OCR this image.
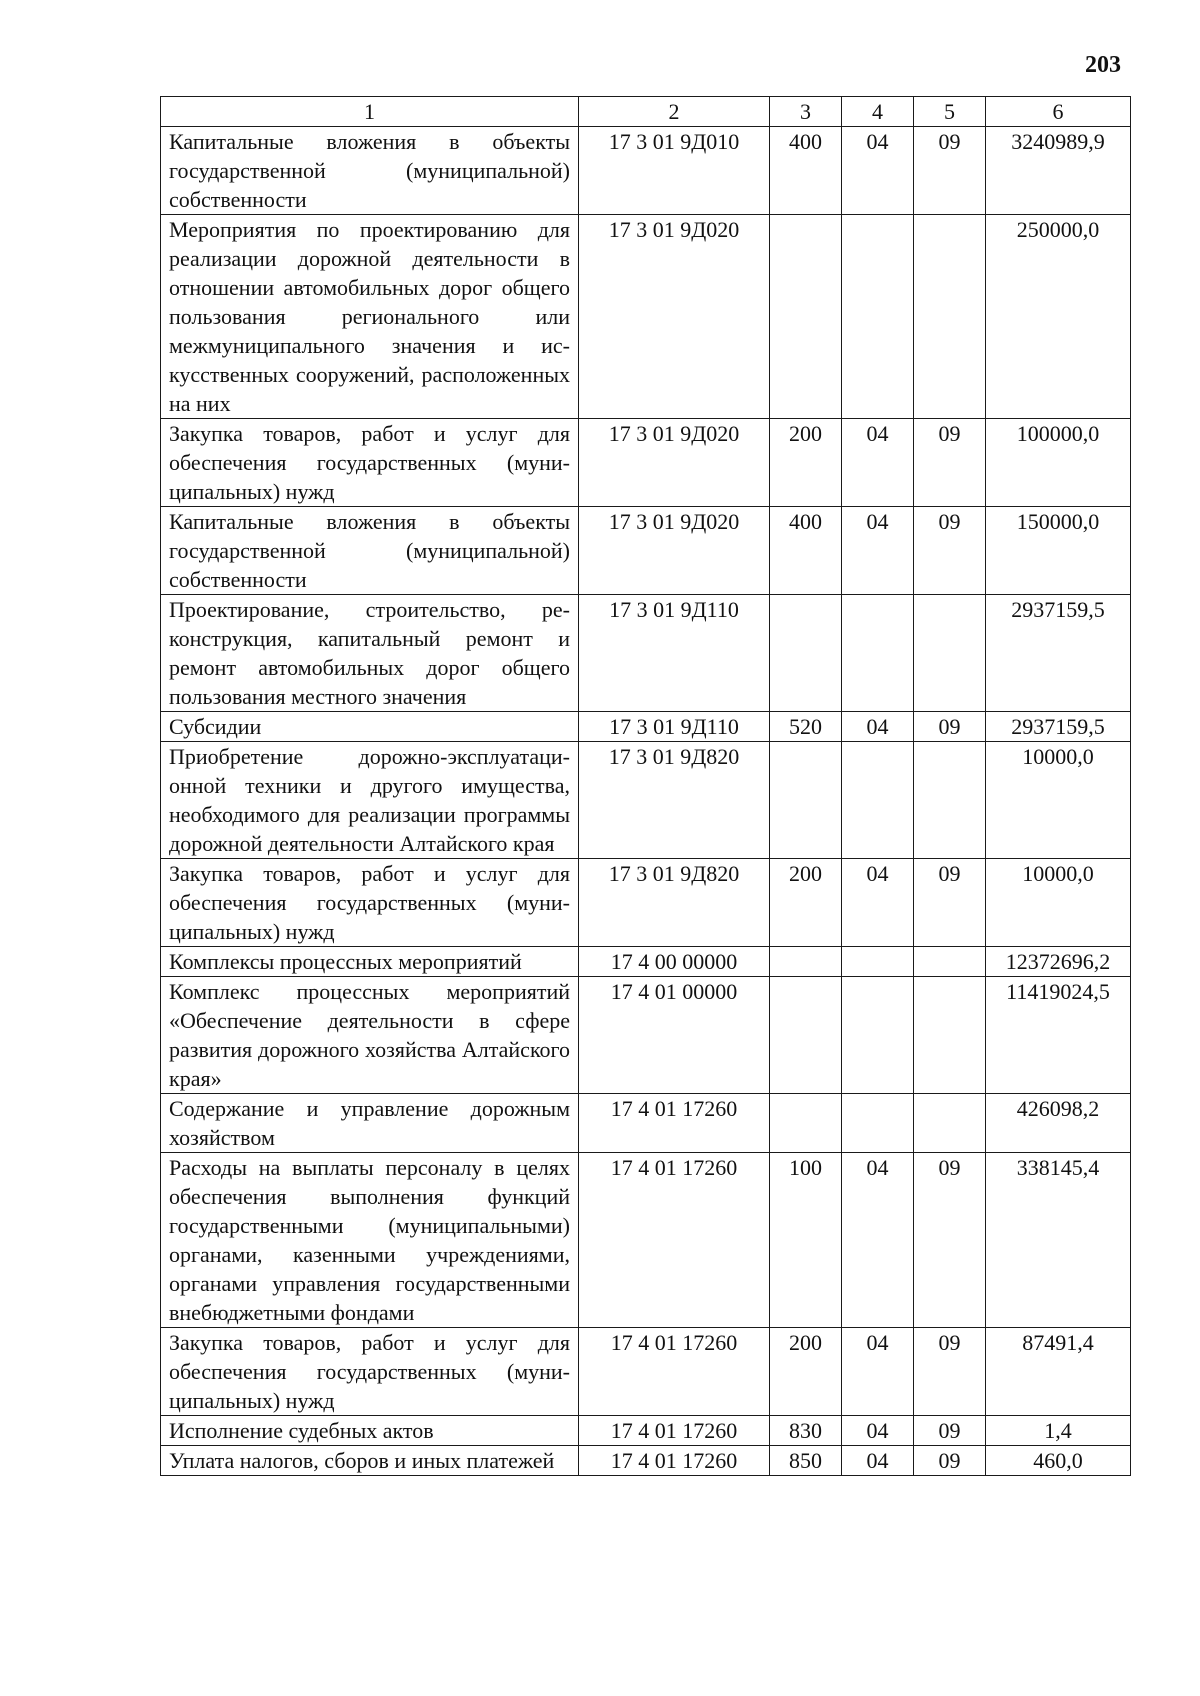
203
1	2	3	4	5	6
Капитальные вложения в объекты государственной (муниципальной) собственности	17 3 01 9Д010	400	04	09	3240989,9
Мероприятия по проектированию для реализации дорожной деятельности в отношении автомобильных дорог общего пользования регионального или межмуниципального значения и искусственных сооружений, расположенных на них	17 3 01 9Д020				250000,0
Закупка товаров, работ и услуг для обеспечения государственных (муниципальных) нужд	17 3 01 9Д020	200	04	09	100000,0
Капитальные вложения в объекты государственной (муниципальной) собственности	17 3 01 9Д020	400	04	09	150000,0
Проектирование, строительство, реконструкция, капитальный ремонт и ремонт автомобильных дорог общего пользования местного значения	17 3 01 9Д110				2937159,5
Субсидии	17 3 01 9Д110	520	04	09	2937159,5
Приобретение дорожно-эксплуатационной техники и другого имущества, необходимого для реализации программы дорожной деятельности Алтайского края	17 3 01 9Д820				10000,0
Закупка товаров, работ и услуг для обеспечения государственных (муниципальных) нужд	17 3 01 9Д820	200	04	09	10000,0
Комплексы процессных мероприятий	17 4 00 00000				12372696,2
Комплекс процессных мероприятий «Обеспечение деятельности в сфере развития дорожного хозяйства Алтайского края»	17 4 01 00000				11419024,5
Содержание и управление дорожным хозяйством	17 4 01 17260				426098,2
Расходы на выплаты персоналу в целях обеспечения выполнения функций государственными (муниципальными) органами, казенными учреждениями, органами управления государственными внебюджетными фондами	17 4 01 17260	100	04	09	338145,4
Закупка товаров, работ и услуг для обеспечения государственных (муниципальных) нужд	17 4 01 17260	200	04	09	87491,4
Исполнение судебных актов	17 4 01 17260	830	04	09	1,4
Уплата налогов, сборов и иных платежей	17 4 01 17260	850	04	09	460,0
